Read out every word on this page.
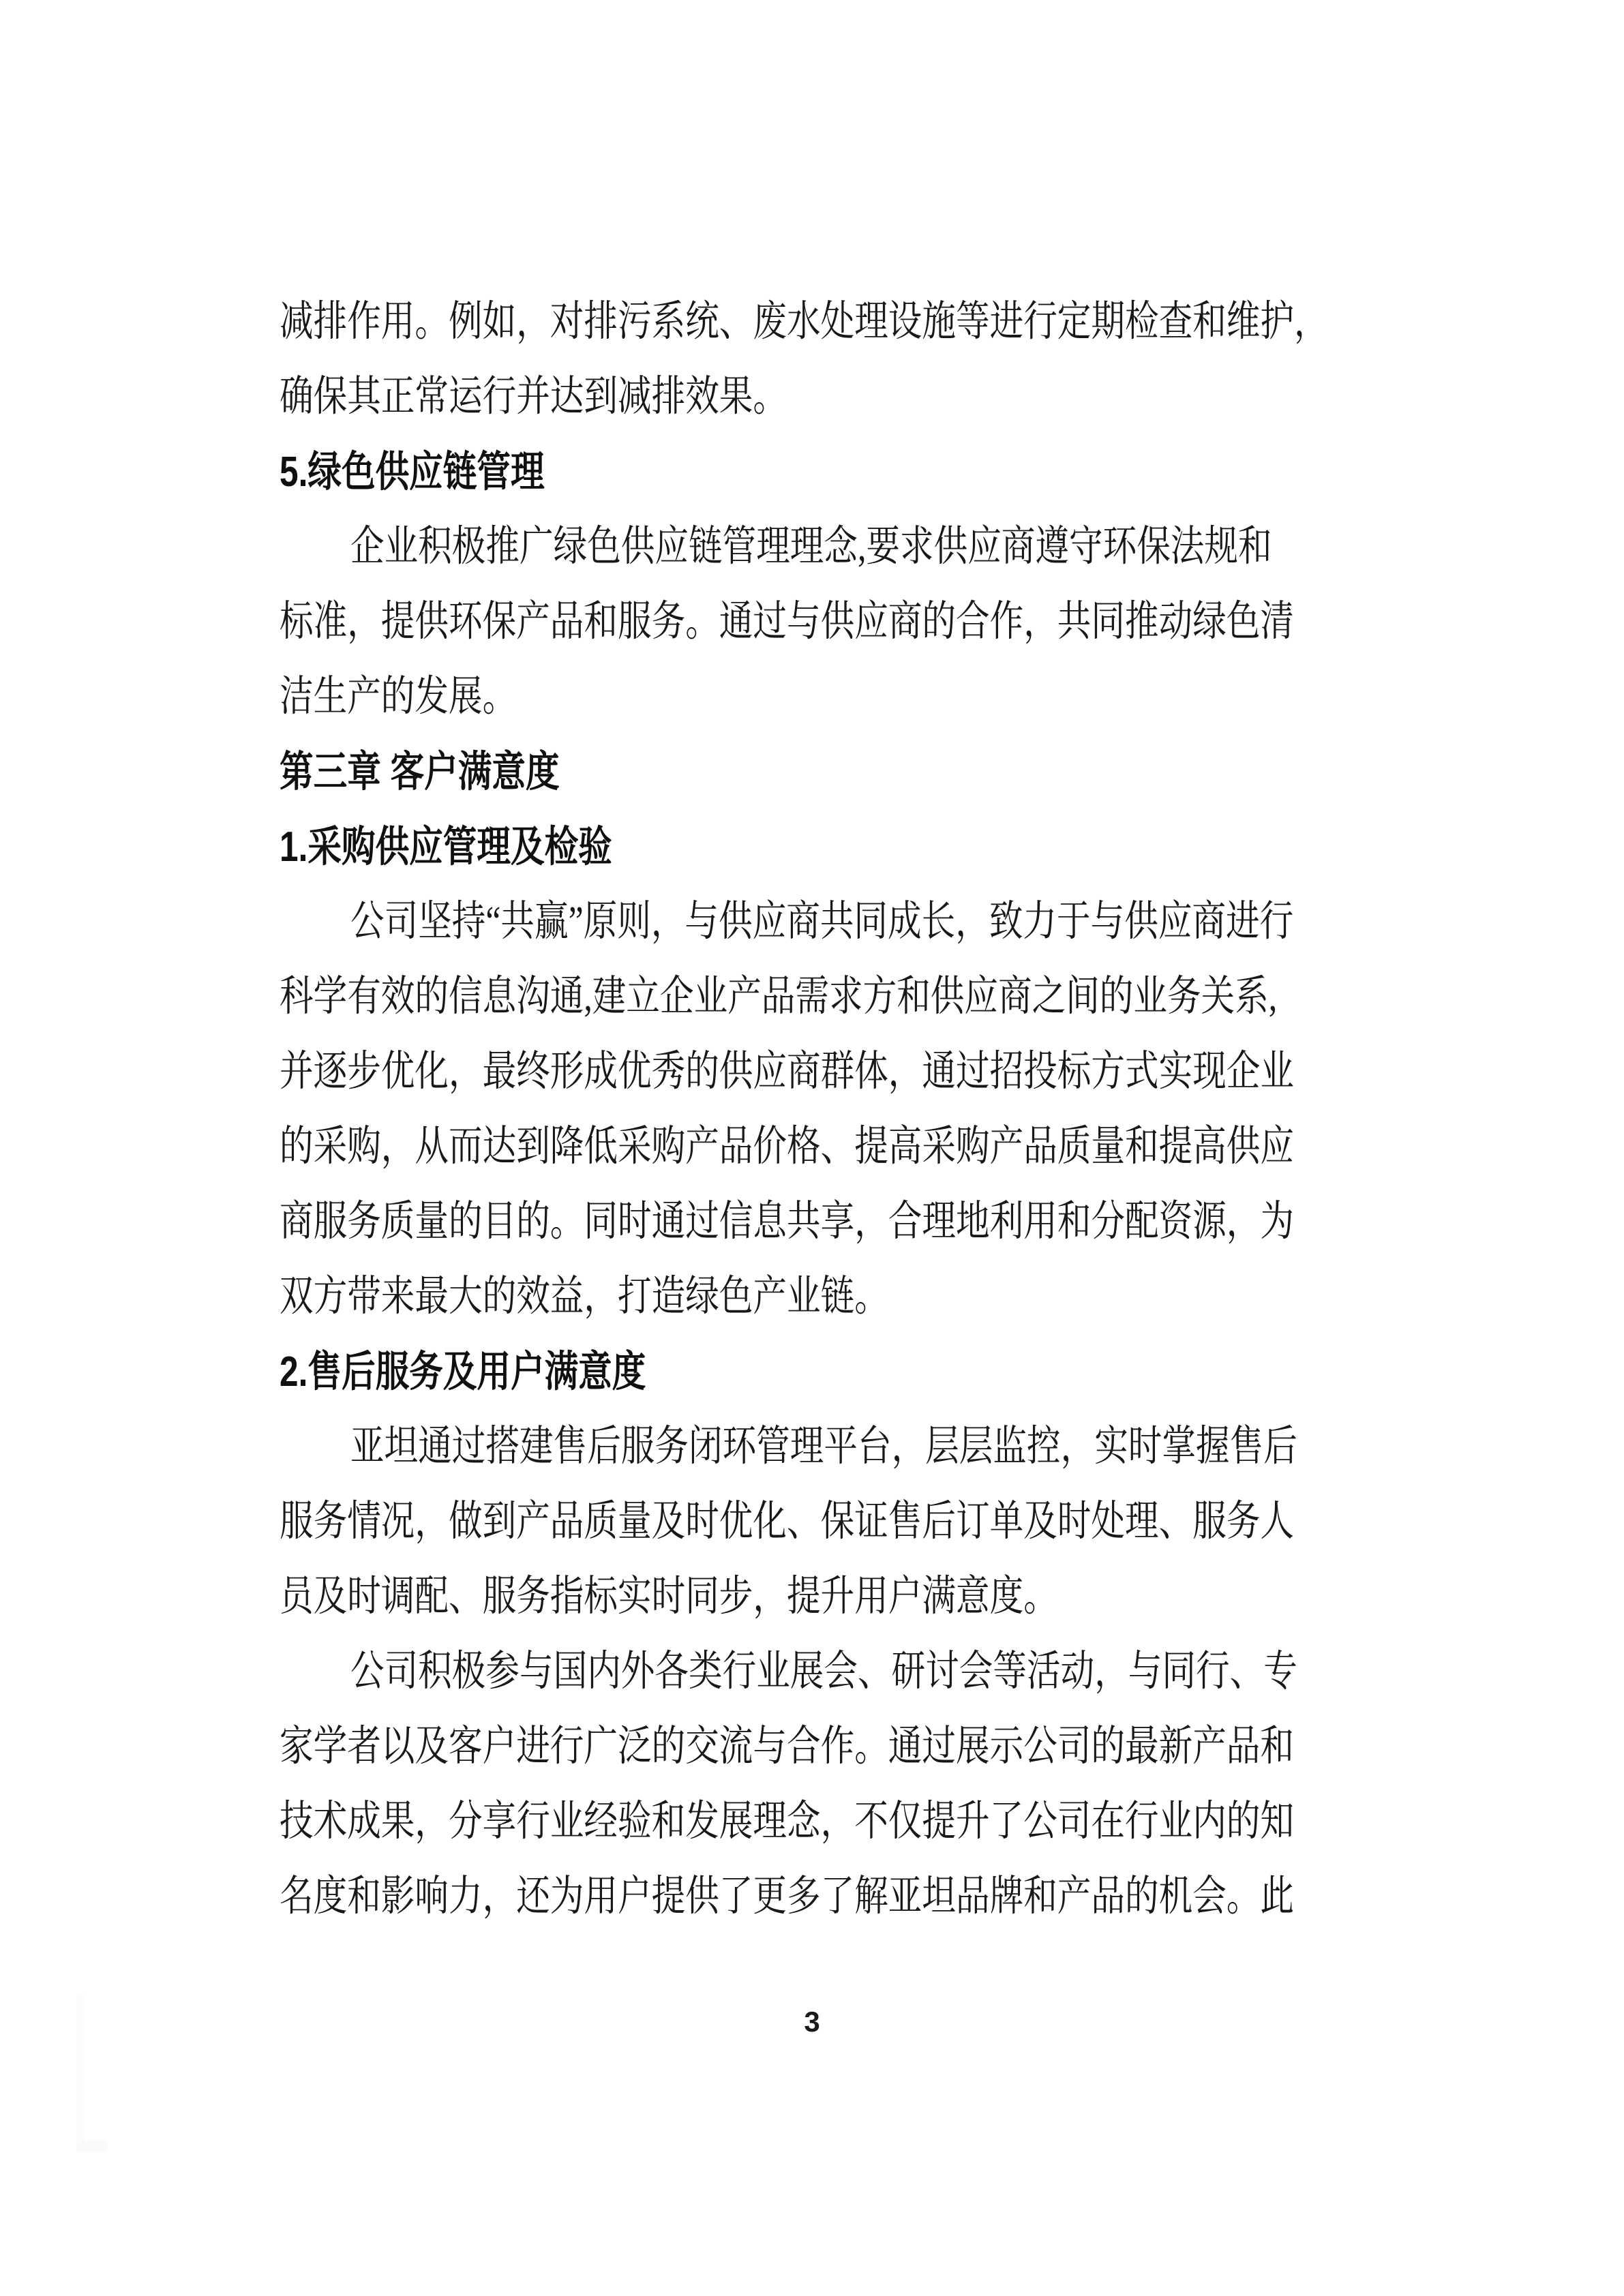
减排作用。例如，对排污系统、废水处理设施等进行定期检查和维护，
确保其正常运行并达到减排效果。
5.绿色供应链管理
企业积极推广绿色供应链管理理念,要求供应商遵守环保法规和
标准，提供环保产品和服务。通过与供应商的合作，共同推动绿色清
洁生产的发展。
第三章 客户满意度
1.采购供应管理及检验
公司坚持“共赢”原则，与供应商共同成长，致力于与供应商进行
科学有效的信息沟通,建立企业产品需求方和供应商之间的业务关系,
并逐步优化，最终形成优秀的供应商群体，通过招投标方式实现企业
的采购，从而达到降低采购产品价格、提高采购产品质量和提高供应
商服务质量的目的。同时通过信息共享，合理地利用和分配资源，为
双方带来最大的效益，打造绿色产业链。
2.售后服务及用户满意度
亚坦通过搭建售后服务闭环管理平台，层层监控，实时掌握售后
服务情况，做到产品质量及时优化、保证售后订单及时处理、服务人
员及时调配、服务指标实时同步，提升用户满意度。
公司积极参与国内外各类行业展会、研讨会等活动，与同行、专
家学者以及客户进行广泛的交流与合作。通过展示公司的最新产品和
技术成果，分享行业经验和发展理念，不仅提升了公司在行业内的知
名度和影响力，还为用户提供了更多了解亚坦品牌和产品的机会。此
3
